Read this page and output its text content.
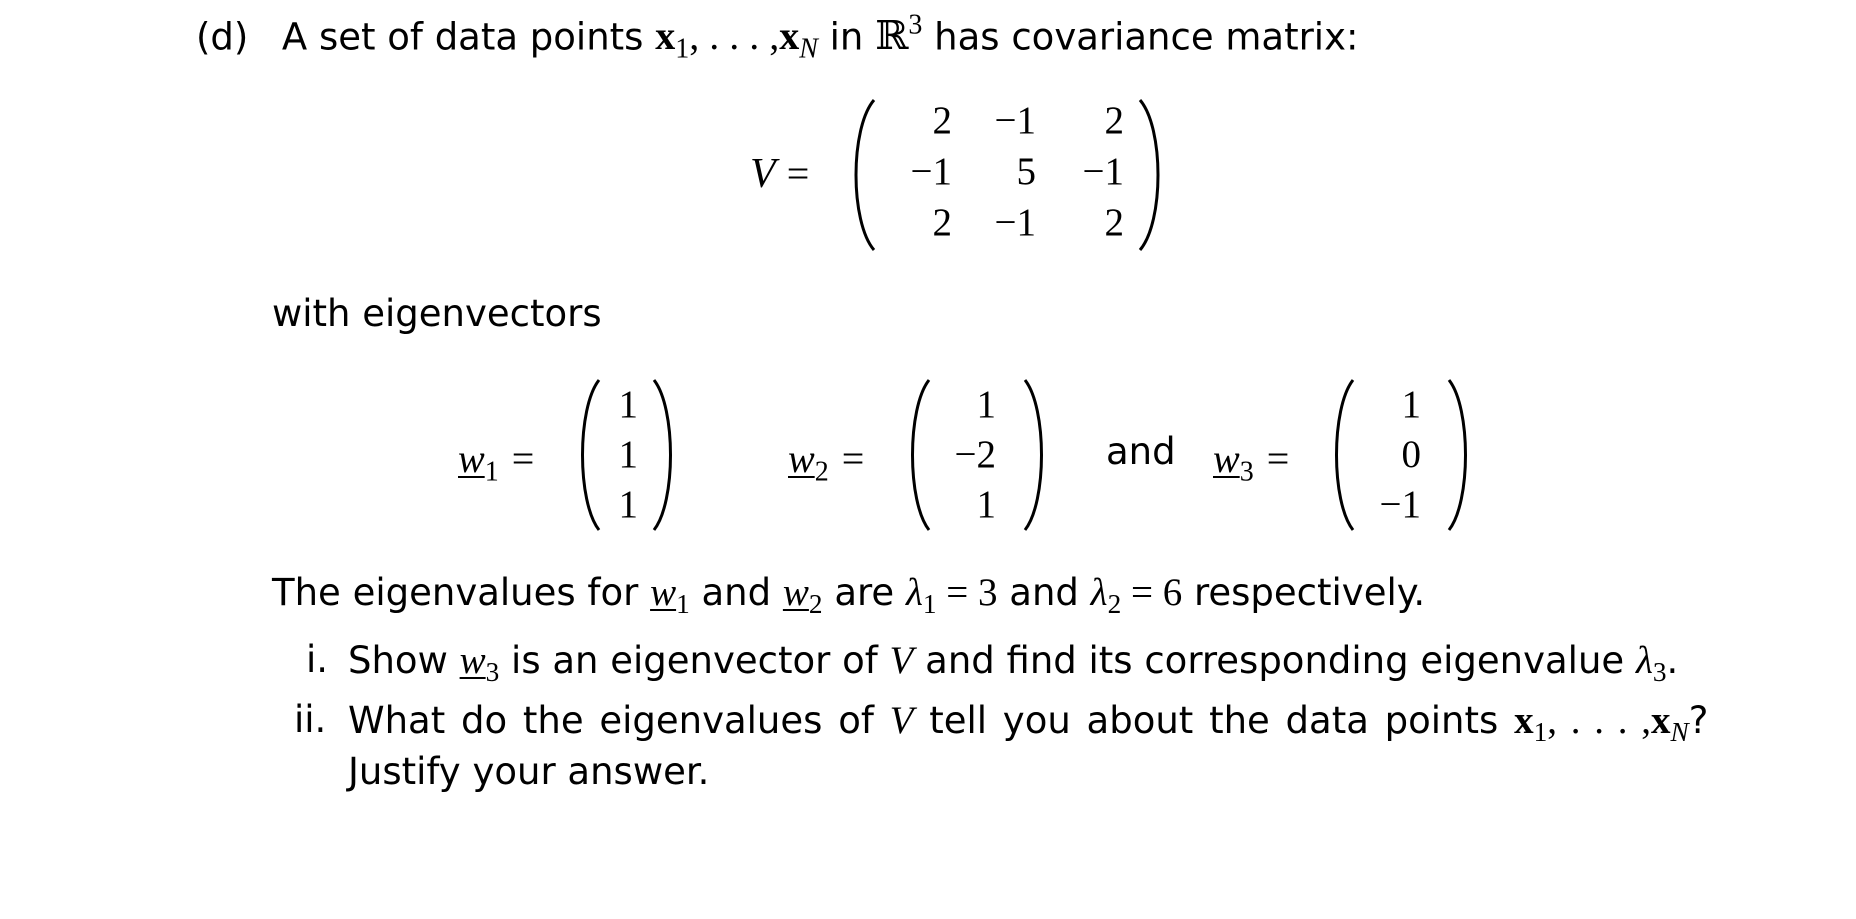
(d) A set of data points $x_1$, . . . $,x_N$ in ℝ$^3$ has covariance matrix:
V =
2	−1	2
−1	5	−1
2	−1	2
with eigenvectors
$w_1$ =
1
1
1
$w_2$ =
1
−2
1
and $w_3$ =
1
0
−1
The eigenvalues for $w_1$ and $w_2$ are $\lambda_1 = 3$ and $\lambda_2 = 6$ respectively.
i. Show $w_3$ is an eigenvector of V and find its corresponding eigenvalue $\lambda_3$.
ii. What do the eigenvalues of V tell you about the data points $x_1$, . . . $,x_N$?
Justify your answer.
